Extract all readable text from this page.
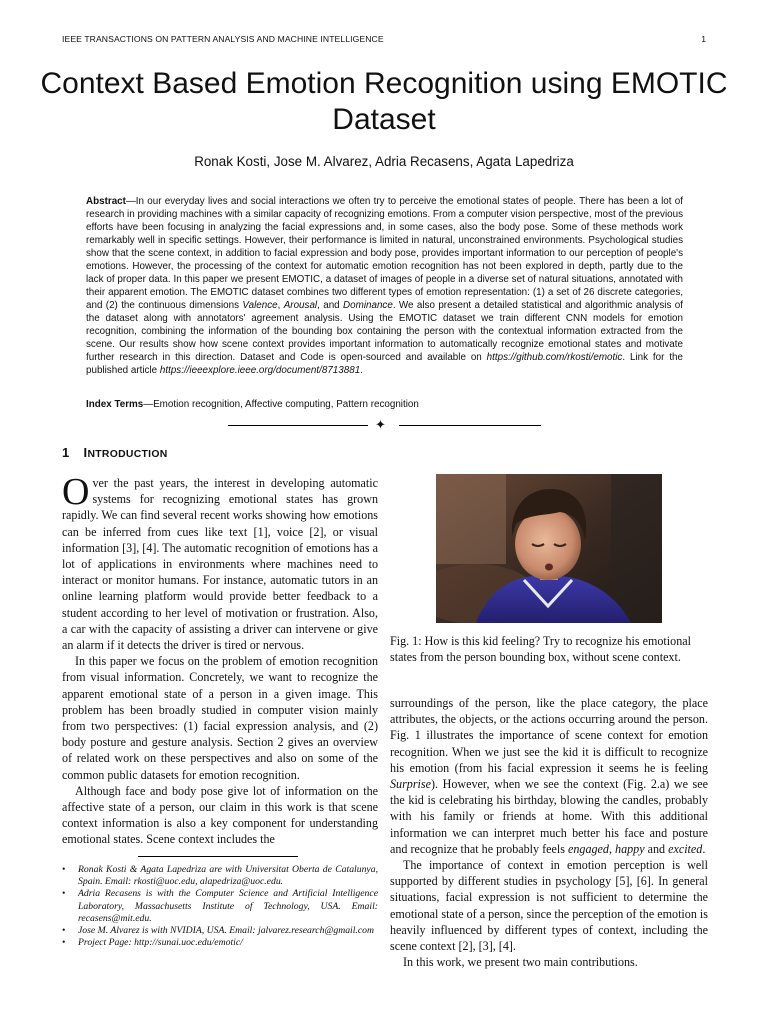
IEEE TRANSACTIONS ON PATTERN ANALYSIS AND MACHINE INTELLIGENCE	1
Context Based Emotion Recognition using EMOTIC Dataset
Ronak Kosti, Jose M. Alvarez, Adria Recasens, Agata Lapedriza

Abstract—In our everyday lives and social interactions we often try to perceive the emotional states of people. There has been a lot of research in providing machines with a similar capacity of recognizing emotions. From a computer vision perspective, most of the previous efforts have been focusing in analyzing the facial expressions and, in some cases, also the body pose. Some of these methods work remarkably well in specific settings. However, their performance is limited in natural, unconstrained environments. Psychological studies show that the scene context, in addition to facial expression and body pose, provides important information to our perception of people's emotions. However, the processing of the context for automatic emotion recognition has not been explored in depth, partly due to the lack of proper data. In this paper we present EMOTIC, a dataset of images of people in a diverse set of natural situations, annotated with their apparent emotion. The EMOTIC dataset combines two different types of emotion representation: (1) a set of 26 discrete categories, and (2) the continuous dimensions Valence, Arousal, and Dominance. We also present a detailed statistical and algorithmic analysis of the dataset along with annotators' agreement analysis. Using the EMOTIC dataset we train different CNN models for emotion recognition, combining the information of the bounding box containing the person with the contextual information extracted from the scene. Our results show how scene context provides important information to automatically recognize emotional states and motivate further research in this direction. Dataset and Code is open-sourced and available on https://github.com/rkosti/emotic. Link for the published article https://ieeexplore.ieee.org/document/8713881.

Index Terms—Emotion recognition, Affective computing, Pattern recognition
✦
1 INTRODUCTION

Over the past years, the interest in developing automatic systems for recognizing emotional states has grown rapidly. We can find several recent works showing how emotions can be inferred from cues like text [1], voice [2], or visual information [3], [4]. The automatic recognition of emotions has a lot of applications in environments where machines need to interact or monitor humans. For instance, automatic tutors in an online learning platform would provide better feedback to a student according to her level of motivation or frustration. Also, a car with the capacity of assisting a driver can intervene or give an alarm if it detects the driver is tired or nervous.

In this paper we focus on the problem of emotion recognition from visual information. Concretely, we want to recognize the apparent emotional state of a person in a given image. This problem has been broadly studied in computer vision mainly from two perspectives: (1) facial expression analysis, and (2) body posture and gesture analysis. Section 2 gives an overview of related work on these perspectives and also on some of the common public datasets for emotion recognition.

Although face and body pose give lot of information on the affective state of a person, our claim in this work is that scene context information is also a key component for understanding emotional states. Scene context includes the

Fig. 1: How is this kid feeling? Try to recognize his emotional states from the person bounding box, without scene context.

surroundings of the person, like the place category, the place attributes, the objects, or the actions occurring around the person. Fig. 1 illustrates the importance of scene context for emotion recognition. When we just see the kid it is difficult to recognize his emotion (from his facial expression it seems he is feeling Surprise). However, when we see the context (Fig. 2.a) we see the kid is celebrating his birthday, blowing the candles, probably with his family or friends at home. With this additional information we can interpret much better his face and posture and recognize that he probably feels engaged, happy and excited.

The importance of context in emotion perception is well supported by different studies in psychology [5], [6]. In general situations, facial expression is not sufficient to determine the emotional state of a person, since the perception of the emotion is heavily influenced by different types of context, including the scene context [2], [3], [4].

In this work, we present two main contributions.

• Ronak Kosti & Agata Lapedriza are with Universitat Oberta de Catalunya, Spain. Email: rkosti@uoc.edu, alapedriza@uoc.edu.
• Adria Recasens is with the Computer Science and Artificial Intelligence Laboratory, Massachusetts Institute of Technology, USA. Email: recasens@mit.edu.
• Jose M. Alvarez is with NVIDIA, USA. Email: jalvarez.research@gmail.com
• Project Page: http://sunai.uoc.edu/emotic/
